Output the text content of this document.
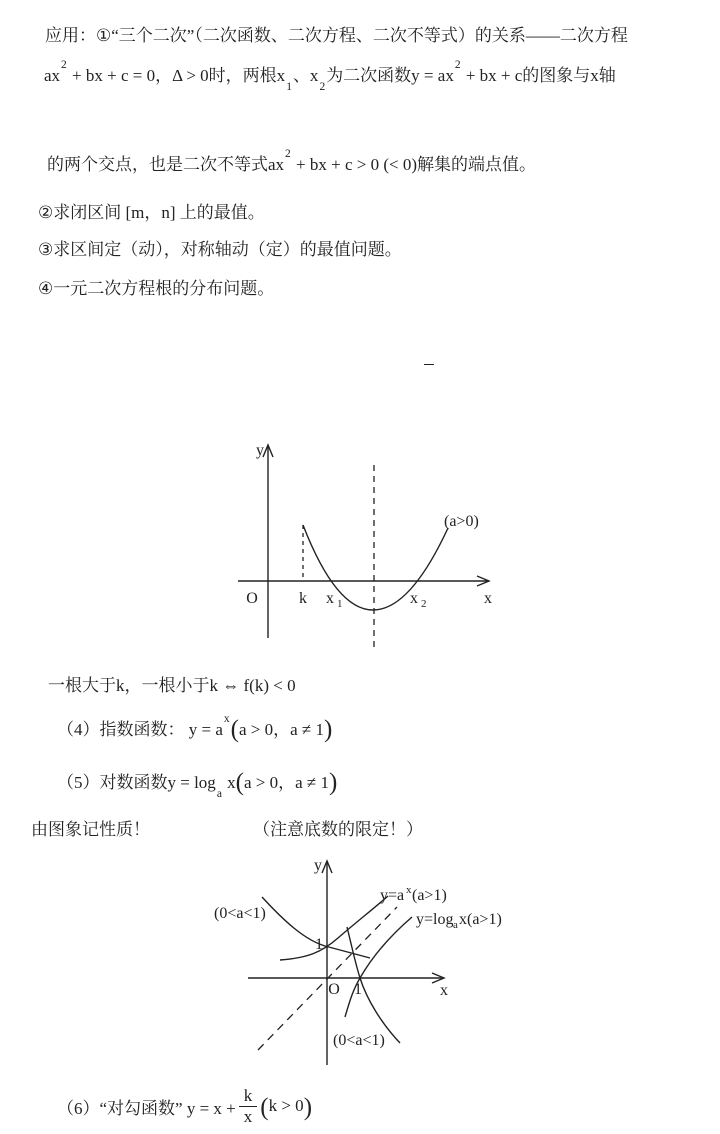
应用：①“三个二次”（二次函数、二次方程、二次不等式）的关系——二次方程
$ax^2$ + bx + c = 0，Δ > 0时，两根$x_1$、$x_2$为二次函数$y = ax^2$ + bx + c的图象与x轴
的两个交点，也是二次不等式$ax^2$ + bx + c > 0 (< 0)解集的端点值。
②求闭区间 [m，n] 上的最值。
③求区间定（动），对称轴动（定）的最值问题。
④一元二次方程根的分布问题。
y
O	k x 1	x 2	x
(a>0)
一根大于k，一根小于k ⇔ f(k) < 0
（4）指数函数： $y = a^x(a > 0$，a ≠ 1)
（5）对数函数$y = \log_a x(a > 0$，a ≠ 1)
由图象记性质！	（注意底数的限定！）
y
O
1
1	x
y=a x (a>1)
y=log a x(a>1)
(0<a<1)
(0<a<1)
（6）“对勾函数” $y = x + \frac{k}{x}$ ( k > 0 )
